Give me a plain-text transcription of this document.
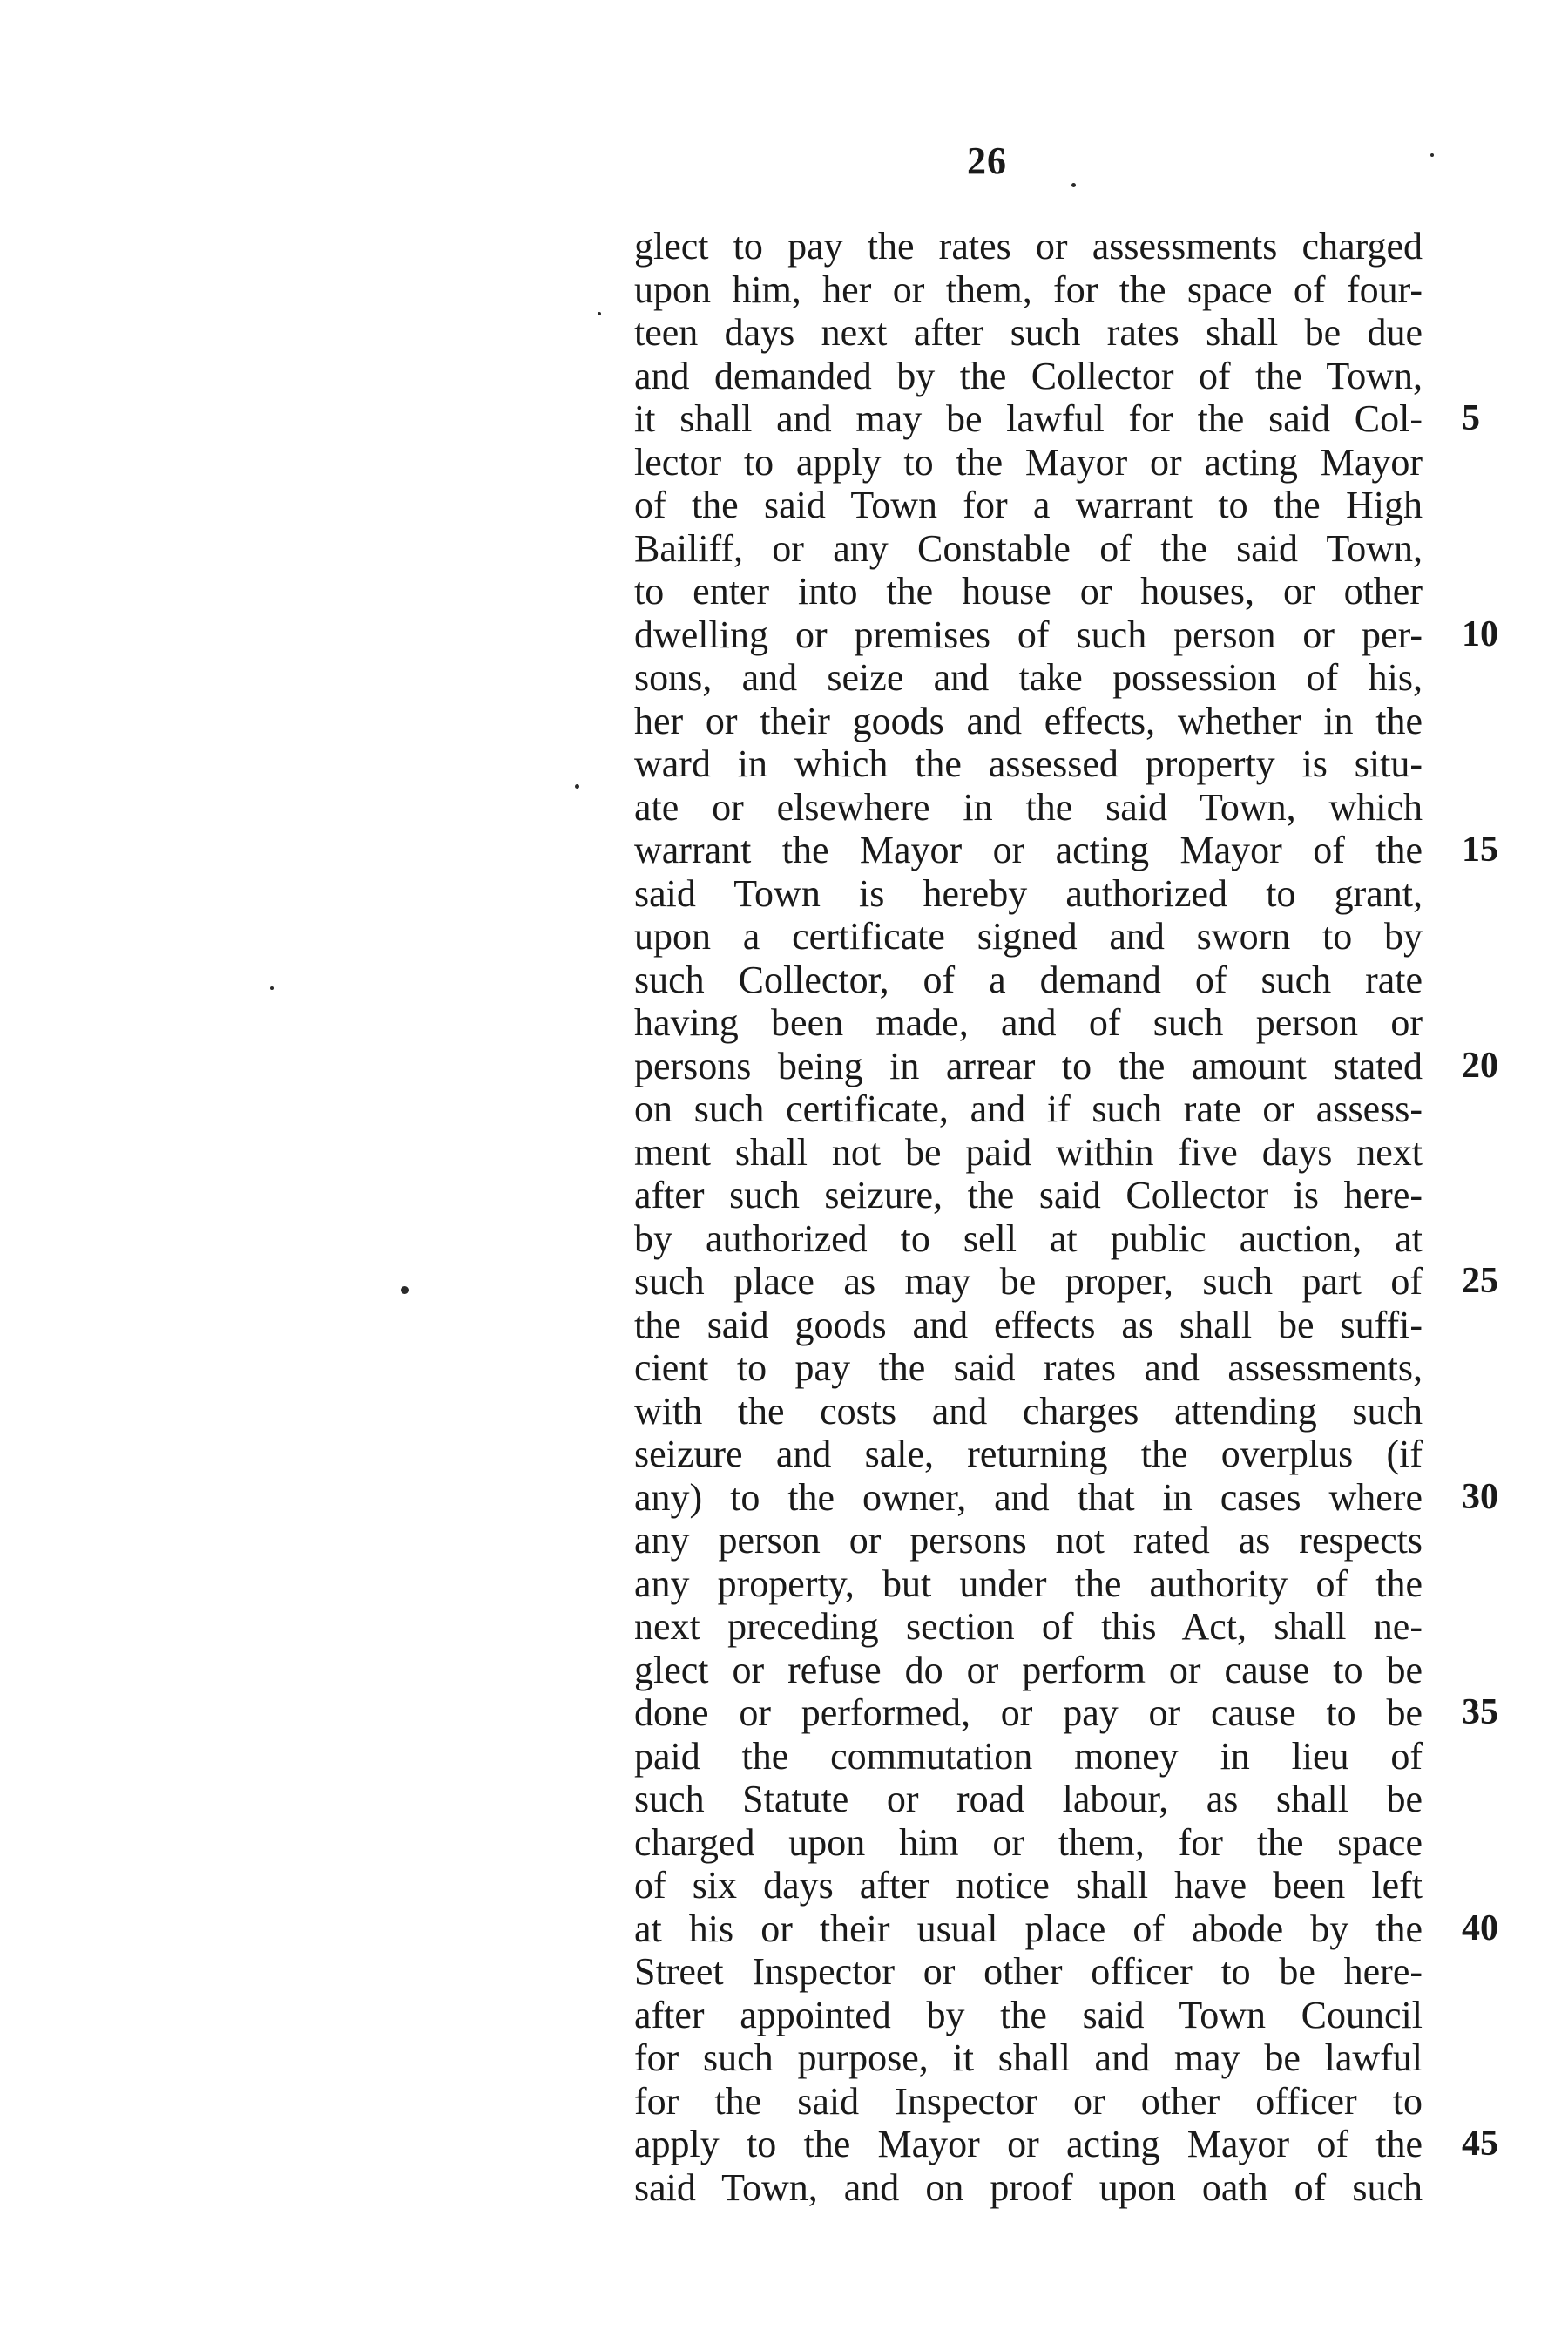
26
glect to pay the rates or assessments charged
upon him, her or them, for the space of four-
teen days next after such rates shall be due
and demanded by the Collector of the Town,
it shall and may be lawful for the said Col- 5
lector to apply to the Mayor or acting Mayor
of the said Town for a warrant to the High
Bailiff, or any Constable of the said Town,
to enter into the house or houses, or other
dwelling or premises of such person or per- 10
sons, and seize and take possession of his,
her or their goods and effects, whether in the
ward in which the assessed property is situ-
ate or elsewhere in the said Town, which
warrant the Mayor or acting Mayor of the 15
said Town is hereby authorized to grant,
upon a certificate signed and sworn to by
such Collector, of a demand of such rate
having been made, and of such person or
persons being in arrear to the amount stated 20
on such certificate, and if such rate or assess-
ment shall not be paid within five days next
after such seizure, the said Collector is here-
by authorized to sell at public auction, at
such place as may be proper, such part of 25
the said goods and effects as shall be suffi-
cient to pay the said rates and assessments,
with the costs and charges attending such
seizure and sale, returning the overplus (if
any) to the owner, and that in cases where 30
any person or persons not rated as respects
any property, but under the authority of the
next preceding section of this Act, shall ne-
glect or refuse do or perform or cause to be
done or performed, or pay or cause to be 35
paid the commutation money in lieu of
such Statute or road labour, as shall be
charged upon him or them, for the space
of six days after notice shall have been left
at his or their usual place of abode by the 40
Street Inspector or other officer to be here-
after appointed by the said Town Council
for such purpose, it shall and may be lawful
for the said Inspector or other officer to
apply to the Mayor or acting Mayor of the 45
said Town, and on proof upon oath of such
